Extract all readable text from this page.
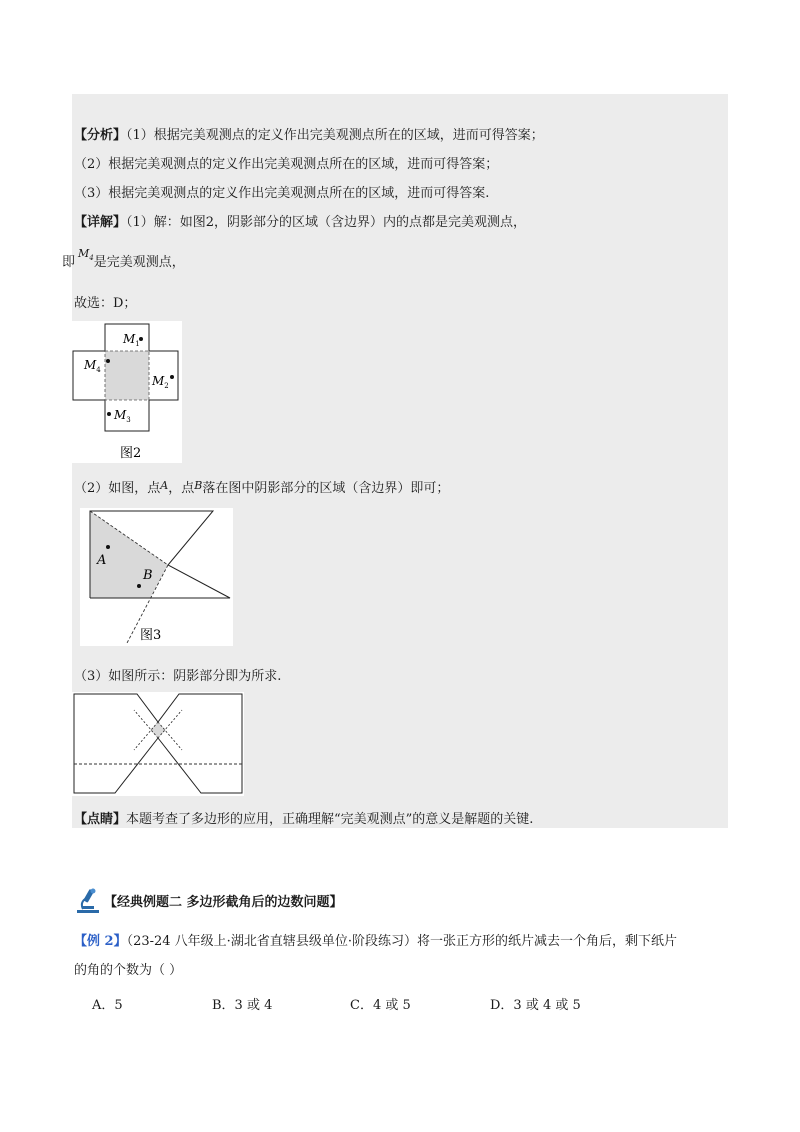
【分析】（1）根据完美观测点的定义作出完美观测点所在的区域，进而可得答案；
（2）根据完美观测点的定义作出完美观测点所在的区域，进而可得答案；
（3）根据完美观测点的定义作出完美观测点所在的区域，进而可得答案.
【详解】（1）解：如图2，阴影部分的区域（含边界）内的点都是完美观测点，
即$^{M_4}$是完美观测点，
故选：D；
$M_1$
$M_2$
$M_3$
$M_4$
图2
（2）如图，点$^A$，点$^B$落在图中阴影部分的区域（含边界）即可；
A
B
图3
（3）如图所示：阴影部分即为所求.
【点睛】本题考查了多边形的应用，正确理解“完美观测点”的意义是解题的关键.
【经典例题二 多边形截角后的边数问题】
【例 2】（23-24 八年级上·湖北省直辖县级单位·阶段练习）将一张正方形的纸片减去一个角后，剩下纸片
的角的个数为（ ）
A．5	B．3 或 4	C．4 或 5	D．3 或 4 或 5
